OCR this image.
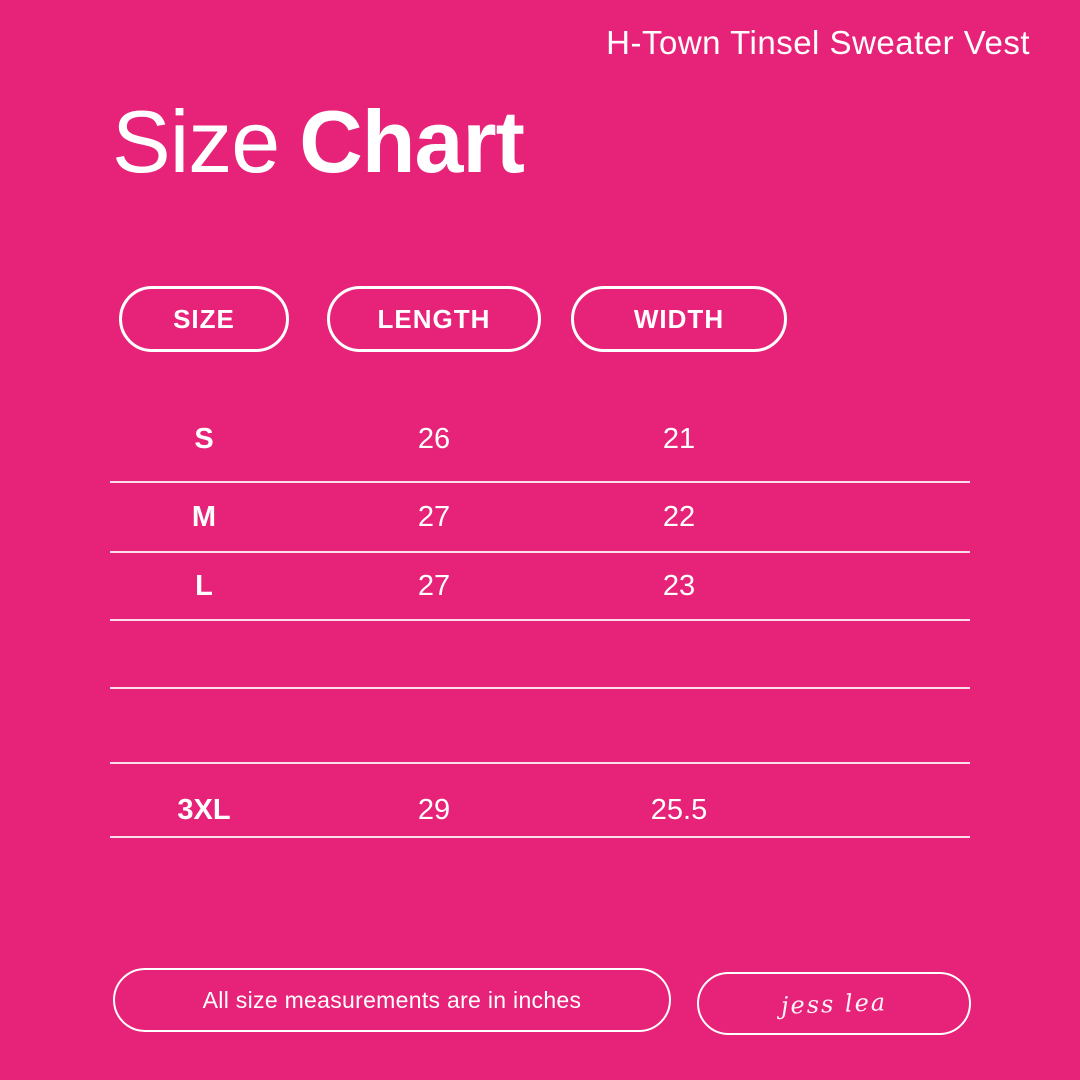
H-Town Tinsel Sweater Vest
Size Chart
SIZE	LENGTH	WIDTH
S	26	21
M	27	22
L	27	23
3XL	29	25.5
All size measurements are in inches	jess lea
